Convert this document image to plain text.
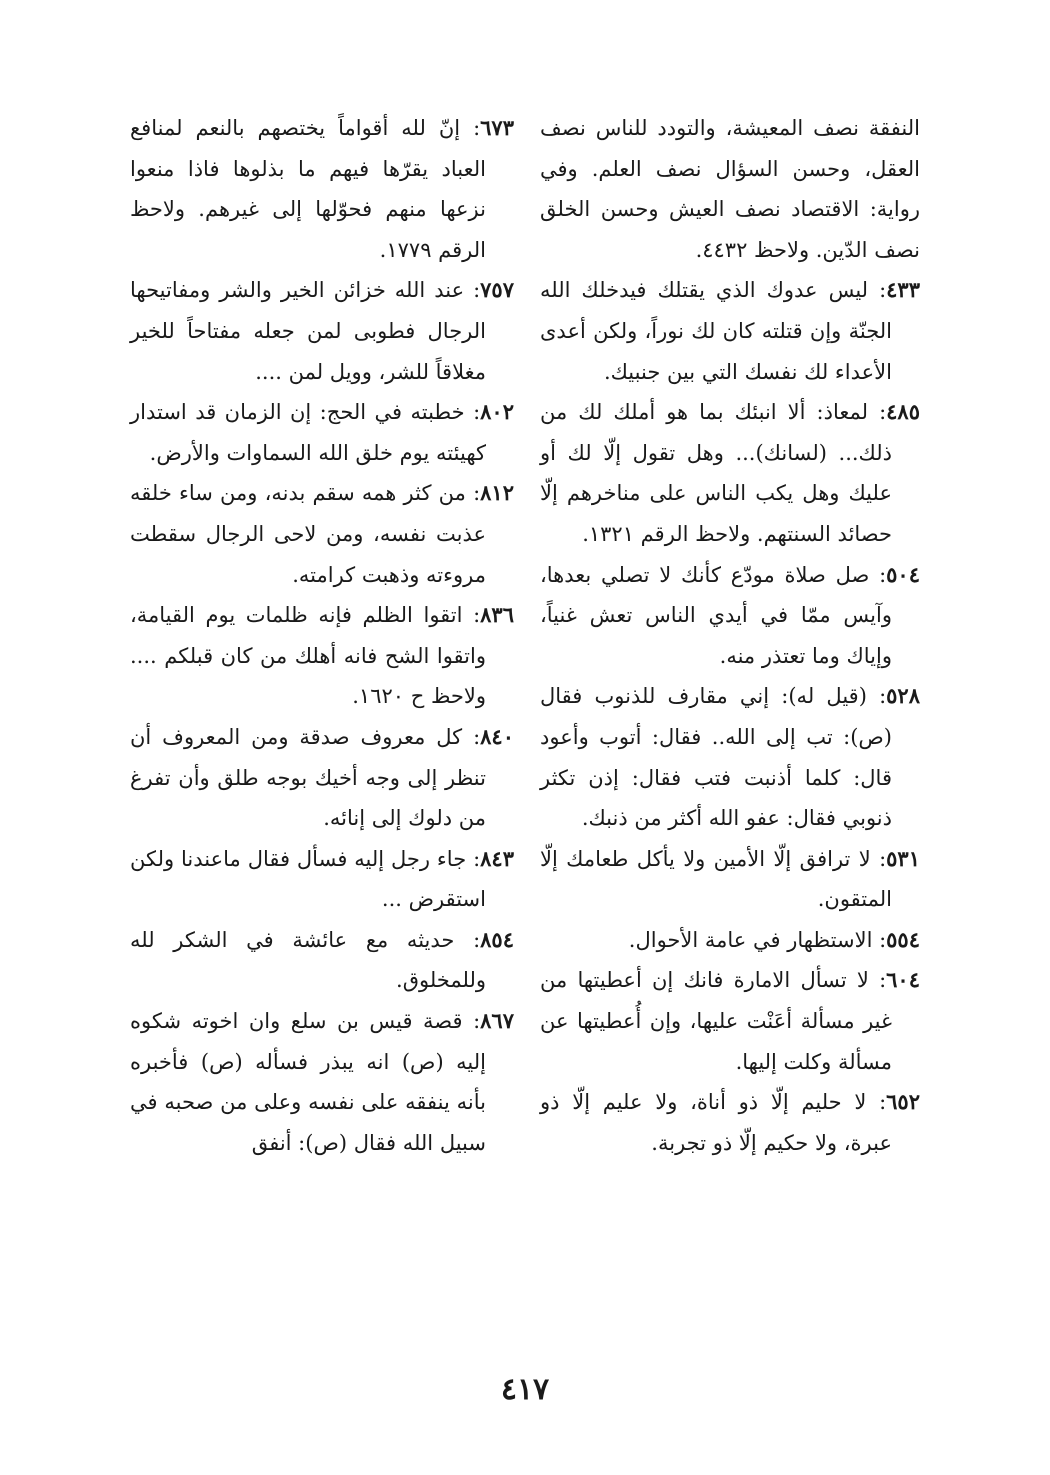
النفقة نصف المعيشة، والتودد للناس نصف العقل، وحسن السؤال نصف العلم. وفي رواية: الاقتصاد نصف العيش وحسن الخلق نصف الدّين. ولاحظ ٤٤٣٢.

٤٣٣: ليس عدوك الذي يقتلك فيدخلك الله الجنّة وإن قتلته كان لك نوراً، ولكن أعدى الأعداء لك نفسك التي بين جنبيك.

٤٨٥: لمعاذ: ألا انبئك بما هو أملك لك من ذلك... (لسانك)... وهل تقول إلّا لك أو عليك وهل يكب الناس على مناخرهم إلّا حصائد السنتهم. ولاحظ الرقم ١٣٢١.

٥٠٤: صل صلاة مودّع كأنك لا تصلي بعدها، وآيس ممّا في أيدي الناس تعش غنياً، وإياك وما تعتذر منه.

٥٢٨: (قيل له): إني مقارف للذنوب فقال (ص): تب إلى الله.. فقال: أتوب وأعود قال: كلما أذنبت فتب فقال: إذن تكثر ذنوبي فقال: عفو الله أكثر من ذنبك.

٥٣١: لا ترافق إلّا الأمين ولا يأكل طعامك إلّا المتقون.

٥٥٤: الاستظهار في عامة الأحوال.

٦٠٤: لا تسأل الامارة فانك إن أعطيتها من غير مسألة أعَنْت عليها، وإن أُعطيتها عن مسألة وكلت إليها.

٦٥٢: لا حليم إلّا ذو أناة، ولا عليم إلّا ذو عبرة، ولا حكيم إلّا ذو تجربة.

٦٧٣: إنّ لله أقواماً يختصهم بالنعم لمنافع العباد يقرّها فيهم ما بذلوها فاذا منعوا نزعها منهم فحوّلها إلى غيرهم. ولاحظ الرقم ١٧٧٩.

٧٥٧: عند الله خزائن الخير والشر ومفاتيحها الرجال فطوبى لمن جعله مفتاحاً للخير مغلاقاً للشر، وويل لمن ....

٨٠٢: خطبته في الحج: إن الزمان قد استدار كهيئته يوم خلق الله السماوات والأرض.

٨١٢: من كثر همه سقم بدنه، ومن ساء خلقه عذبت نفسه، ومن لاحى الرجال سقطت مروءته وذهبت كرامته.

٨٣٦: اتقوا الظلم فإنه ظلمات يوم القيامة، واتقوا الشح فانه أهلك من كان قبلكم .... ولاحظ ح ١٦٢٠.

٨٤٠: كل معروف صدقة ومن المعروف أن تنظر إلى وجه أخيك بوجه طلق وأن تفرغ من دلوك إلى إنائه.

٨٤٣: جاء رجل إليه فسأل فقال ماعندنا ولكن استقرض ...

٨٥٤: حديثه مع عائشة في الشكر لله وللمخلوق.

٨٦٧: قصة قيس بن سلع وان اخوته شكوه إليه (ص) انه يبذر فسأله (ص) فأخبره بأنه ينفقه على نفسه وعلى من صحبه في سبيل الله فقال (ص): أنفق

٤١٧
